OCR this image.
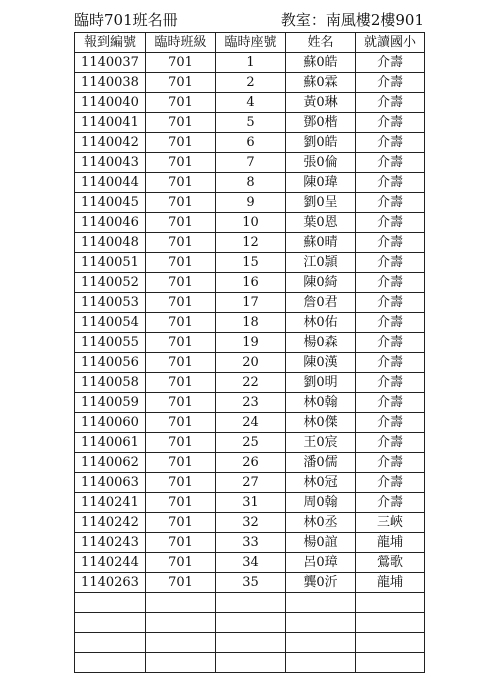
臨時701班名冊	教室：南風樓2樓901
報到編號	臨時班級	臨時座號	姓名	就讀國小
1140037	701	1	蘇0皓	介壽
1140038	701	2	蘇0霖	介壽
1140040	701	4	黃0琳	介壽
1140041	701	5	鄧0楷	介壽
1140042	701	6	劉0皓	介壽
1140043	701	7	張0倫	介壽
1140044	701	8	陳0瑋	介壽
1140045	701	9	劉0呈	介壽
1140046	701	10	葉0恩	介壽
1140048	701	12	蘇0晴	介壽
1140051	701	15	江0頴	介壽
1140052	701	16	陳0綺	介壽
1140053	701	17	詹0君	介壽
1140054	701	18	林0佑	介壽
1140055	701	19	楊0森	介壽
1140056	701	20	陳0漢	介壽
1140058	701	22	劉0明	介壽
1140059	701	23	林0翰	介壽
1140060	701	24	林0傑	介壽
1140061	701	25	王0宸	介壽
1140062	701	26	潘0儒	介壽
1140063	701	27	林0冠	介壽
1140241	701	31	周0翰	介壽
1140242	701	32	林0丞	三峽
1140243	701	33	楊0誼	龍埔
1140244	701	34	呂0璋	鶯歌
1140263	701	35	龔0沂	龍埔
